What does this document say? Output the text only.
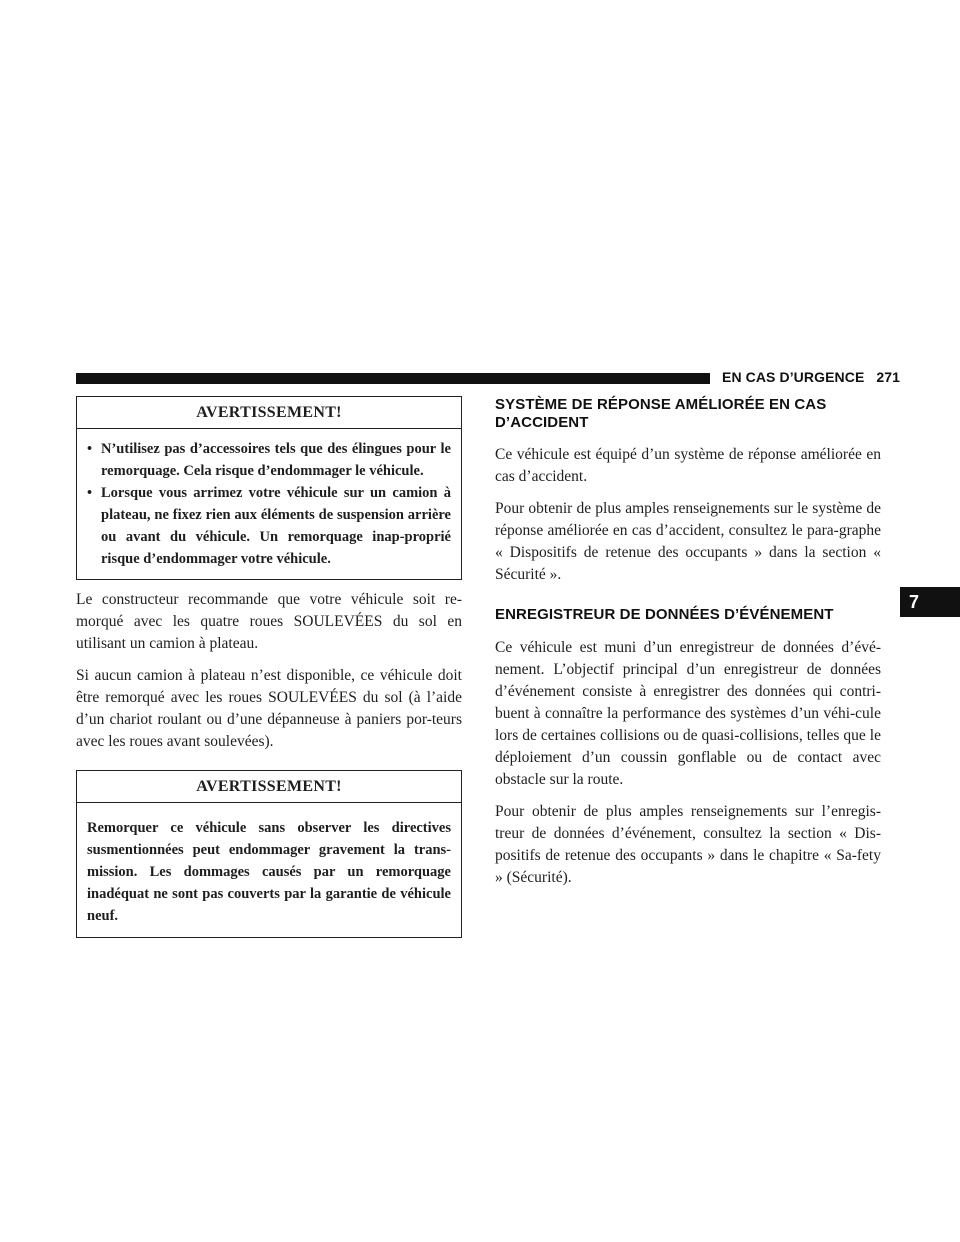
EN CAS D’URGENCE 271
7
AVERTISSEMENT!
• N’utilisez pas d’accessoires tels que des élingues pour le remorquage. Cela risque d’endommager le véhicule.
• Lorsque vous arrimez votre véhicule sur un camion à plateau, ne fixez rien aux éléments de suspension arrière ou avant du véhicule. Un remorquage inap-proprié risque d’endommager votre véhicule.

Le constructeur recommande que votre véhicule soit re-morqué avec les quatre roues SOULEVÉES du sol en utilisant un camion à plateau.

Si aucun camion à plateau n’est disponible, ce véhicule doit être remorqué avec les roues SOULEVÉES du sol (à l’aide d’un chariot roulant ou d’une dépanneuse à paniers por-teurs avec les roues avant soulevées).

AVERTISSEMENT!

Remorquer ce véhicule sans observer les directives susmentionnées peut endommager gravement la trans-mission. Les dommages causés par un remorquage inadéquat ne sont pas couverts par la garantie de véhicule neuf.

SYSTÈME DE RÉPONSE AMÉLIORÉE EN CAS D’ACCIDENT

Ce véhicule est équipé d’un système de réponse améliorée en cas d’accident.

Pour obtenir de plus amples renseignements sur le système de réponse améliorée en cas d’accident, consultez le para-graphe « Dispositifs de retenue des occupants » dans la section « Sécurité ».

ENREGISTREUR DE DONNÉES D’ÉVÉNEMENT

Ce véhicule est muni d’un enregistreur de données d’évé-nement. L’objectif principal d’un enregistreur de données d’événement consiste à enregistrer des données qui contri-buent à connaître la performance des systèmes d’un véhi-cule lors de certaines collisions ou de quasi-collisions, telles que le déploiement d’un coussin gonflable ou de contact avec obstacle sur la route.

Pour obtenir de plus amples renseignements sur l’enregis-treur de données d’événement, consultez la section « Dis-positifs de retenue des occupants » dans le chapitre « Sa-fety » (Sécurité).
